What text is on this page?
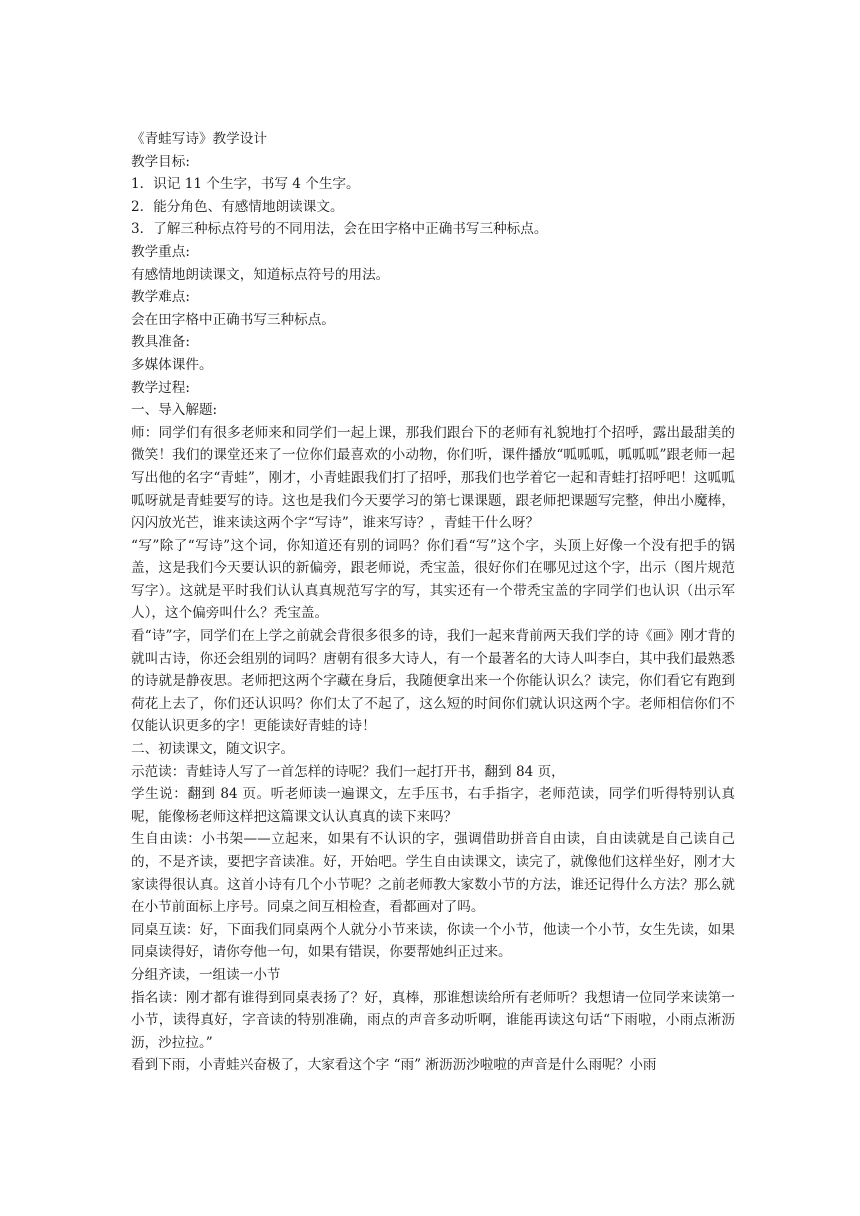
《青蛙写诗》教学设计

教学目标:

1．识记 11 个生字，书写 4 个生字。

2．能分角色、有感情地朗读课文。

3．了解三种标点符号的不同用法，会在田字格中正确书写三种标点。

教学重点:

有感情地朗读课文，知道标点符号的用法。

教学难点:

会在田字格中正确书写三种标点。

教具准备:

多媒体课件。

教学过程:

一、导入解题:

师：同学们有很多老师来和同学们一起上课，那我们跟台下的老师有礼貌地打个招呼，露出最甜美的微笑！我们的课堂还来了一位你们最喜欢的小动物，你们听，课件播放“呱呱呱，呱呱呱”跟老师一起写出他的名字“青蛙”，刚才，小青蛙跟我们打了招呼，那我们也学着它一起和青蛙打招呼吧！这呱呱呱呀就是青蛙要写的诗。这也是我们今天要学习的第七课课题，跟老师把课题写完整，伸出小魔棒，闪闪放光芒，谁来读这两个字“写诗”，谁来写诗？，青蛙干什么呀？

“写”除了“写诗”这个词，你知道还有别的词吗？你们看“写”这个字，头顶上好像一个没有把手的锅盖，这是我们今天要认识的新偏旁，跟老师说，秃宝盖，很好你们在哪见过这个字，出示（图片规范写字）。这就是平时我们认认真真规范写字的写，其实还有一个带秃宝盖的字同学们也认识（出示军人），这个偏旁叫什么？秃宝盖。

看“诗”字，同学们在上学之前就会背很多很多的诗，我们一起来背前两天我们学的诗《画》刚才背的就叫古诗，你还会组别的词吗？唐朝有很多大诗人，有一个最著名的大诗人叫李白，其中我们最熟悉的诗就是静夜思。老师把这两个字藏在身后，我随便拿出来一个你能认识么？读完，你们看它有跑到荷花上去了，你们还认识吗？你们太了不起了，这么短的时间你们就认识这两个字。老师相信你们不仅能认识更多的字！更能读好青蛙的诗！

二、初读课文，随文识字。

示范读：青蛙诗人写了一首怎样的诗呢？我们一起打开书，翻到 84 页，

学生说：翻到 84 页。听老师读一遍课文，左手压书，右手指字，老师范读，同学们听得特别认真呢，能像杨老师这样把这篇课文认认真真的读下来吗？

生自由读：小书架——立起来，如果有不认识的字，强调借助拼音自由读，自由读就是自己读自己的，不是齐读，要把字音读准。好，开始吧。学生自由读课文，读完了，就像他们这样坐好，刚才大家读得很认真。这首小诗有几个小节呢？之前老师教大家数小节的方法，谁还记得什么方法？那么就在小节前面标上序号。同桌之间互相检查，看都画对了吗。

同桌互读：好，下面我们同桌两个人就分小节来读，你读一个小节，他读一个小节，女生先读，如果同桌读得好，请你夸他一句，如果有错误，你要帮她纠正过来。

分组齐读，一组读一小节

指名读：刚才都有谁得到同桌表扬了？好，真棒，那谁想读给所有老师听？我想请一位同学来读第一小节，读得真好，字音读的特别准确，雨点的声音多动听啊，谁能再读这句话“下雨啦，小雨点淅沥沥，沙拉拉。”

看到下雨，小青蛙兴奋极了，大家看这个字 “雨” 淅沥沥沙啦啦的声音是什么雨呢？小雨
